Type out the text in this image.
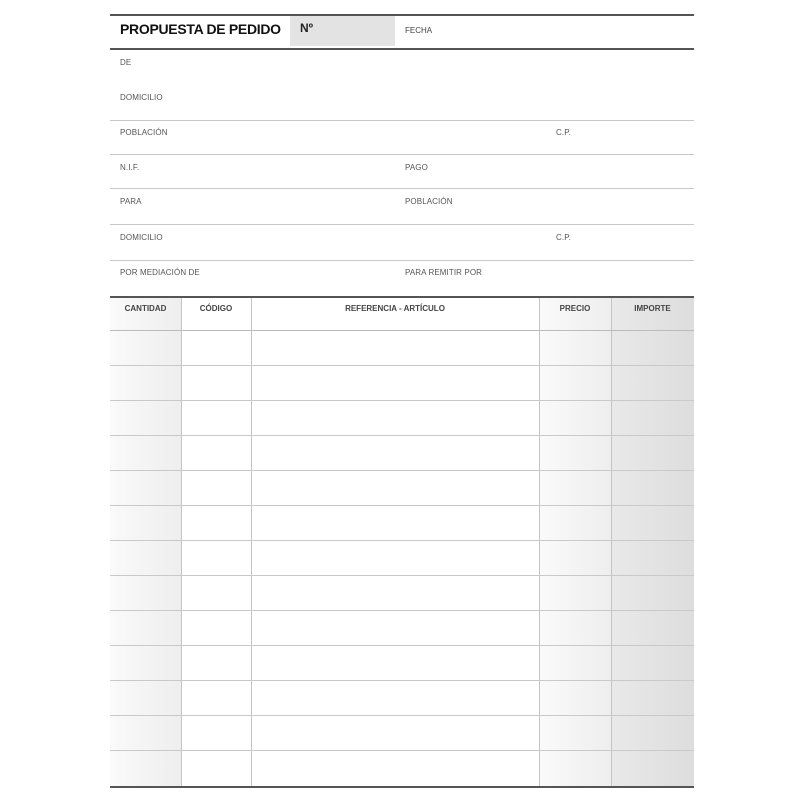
PROPUESTA DE PEDIDO Nº	FECHA
DE
DOMICILIO
POBLACIÓN	C.P.
N.I.F.	PAGO
PARA	POBLACIÓN
DOMICILIO	C.P.
POR MEDIACIÓN DE	PARA REMITIR POR
CANTIDAD	CÓDIGO	REFERENCIA - ARTÍCULO	PRECIO	IMPORTE
